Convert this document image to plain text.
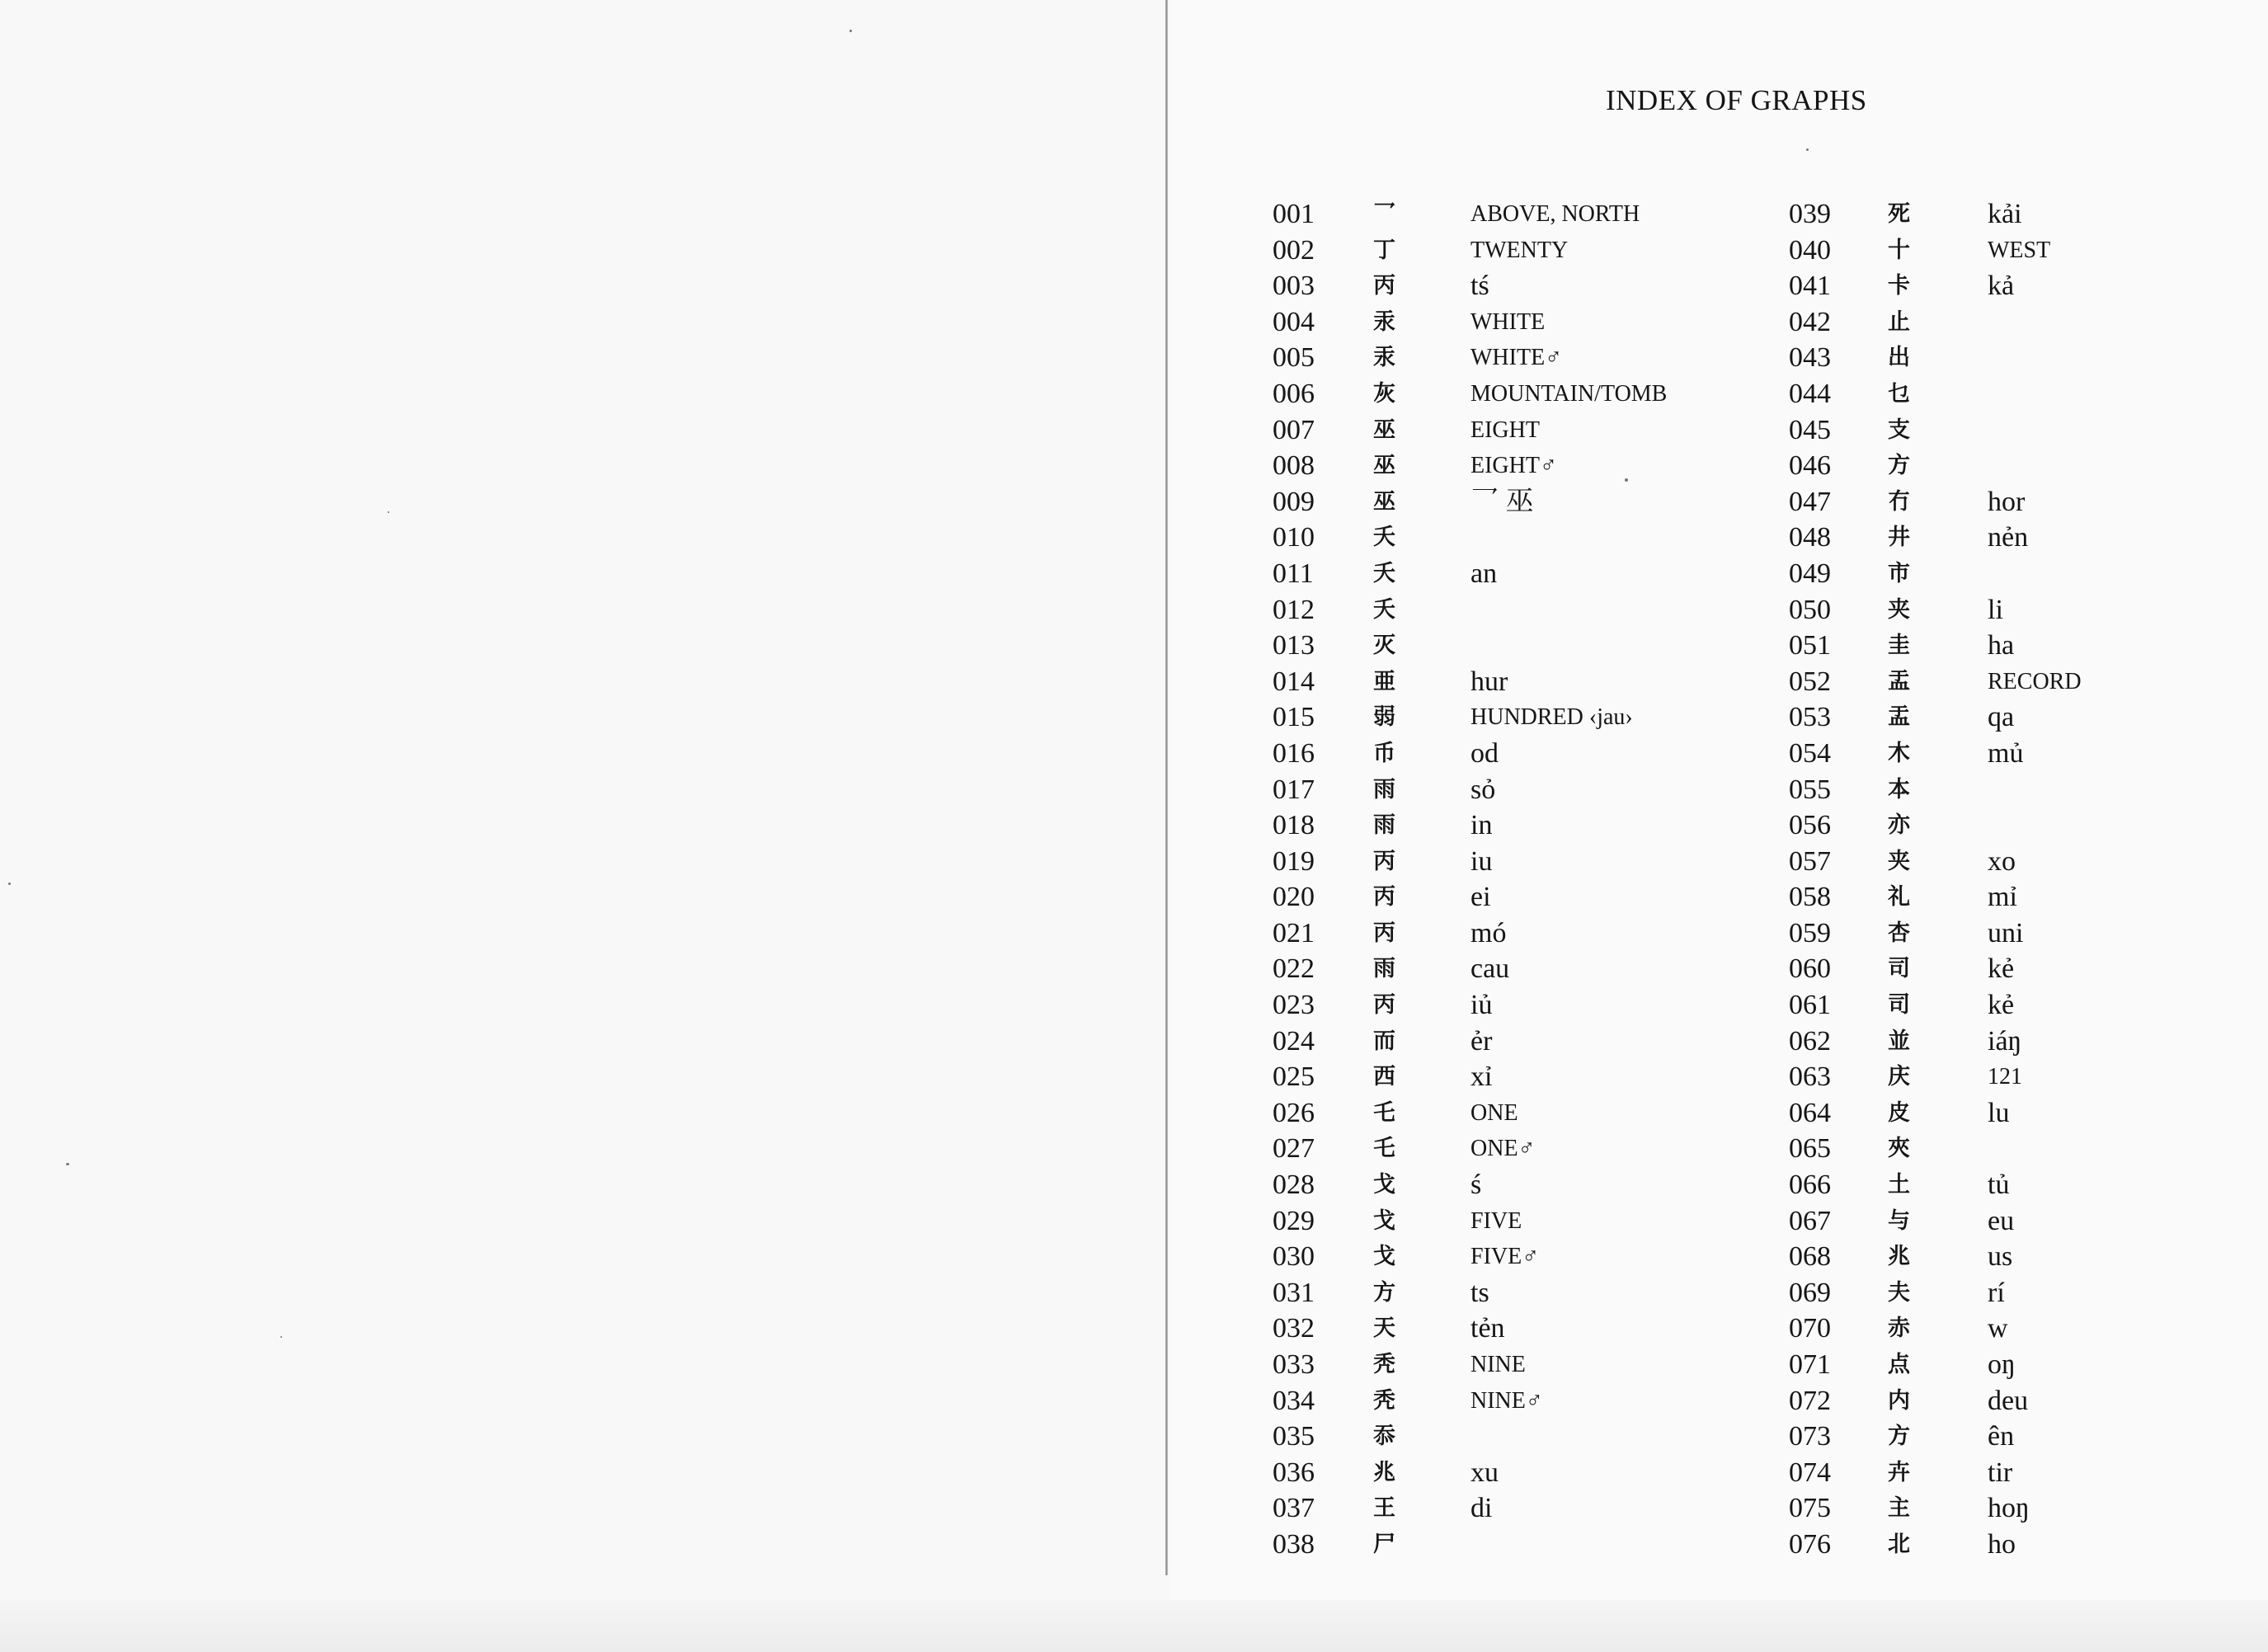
INDEX OF GRAPHS
001	乛	ABOVE, NORTH
002	丁	TWENTY
003	丙	tś
004	汞	WHITE
005	汞	WHITE♂
006	灰	MOUNTAIN/TOMB
007	巫	EIGHT
008	巫	EIGHT♂
009	巫	乛 巫
010	夭
011	夭	an
012	夭
013	灭
014	亜	hur
015	弱	HUNDRED ‹jau›
016	币	od
017	雨	sỏ
018	雨	in
019	丙	iu
020	丙	ei
021	丙	mó
022	雨	cau
023	丙	iủ
024	而	ẻr
025	西	xỉ
026	乇	ONE
027	乇	ONE♂
028	戈	ś
029	戈	FIVE
030	戈	FIVE♂
031	方	ts
032	天	tẻn
033	秃	NINE
034	秃	NINE♂
035	忝
036	兆	xu
037	王	di
038	尸
039	死	kải
040	十	WEST
041	卡	kả
042	止
043	出
044	乜
045	支
046	方
047	冇	hor
048	井	nẻn
049	市
050	夹	li
051	圭	ha
052	盂	RECORD
053	盂	qa
054	木	mủ
055	本
056	亦
057	夹	xo
058	礼	mỉ
059	杏	uni
060	司	kẻ
061	司	kẻ
062	並	iáŋ
063	庆	121
064	皮	lu
065	夾
066	土	tủ
067	与	eu
068	兆	us
069	夫	rí
070	赤	w
071	点	oŋ
072	内	deu
073	方	ên
074	卉	tir
075	主	hoŋ
076	北	ho
